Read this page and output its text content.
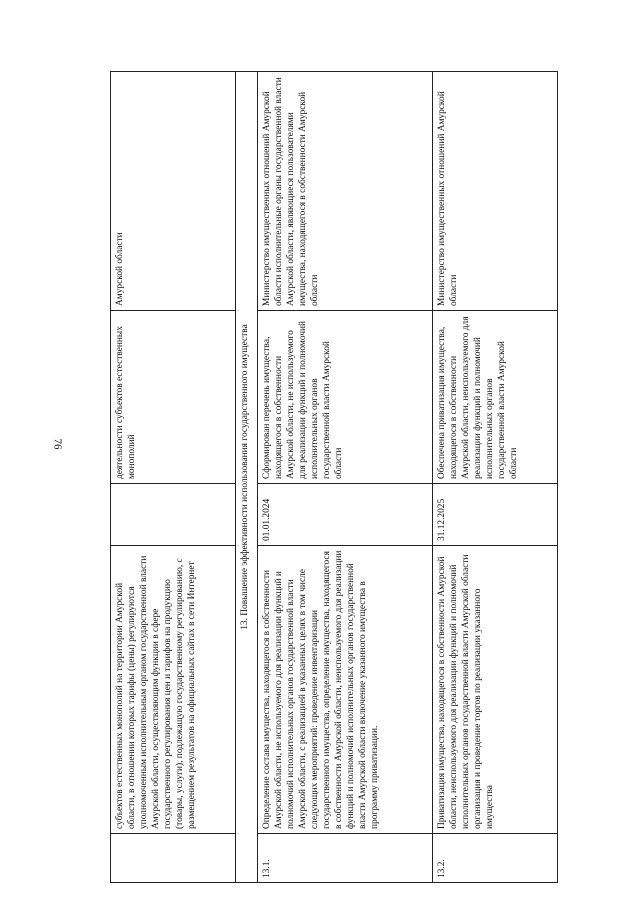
76
	субъектов естественных монополий на территории Амурской области, в отношении которых тарифы (цены) регулируются уполномоченным исполнительным органом государственной власти Амурской области, осуществляющим функции в сфере государственного регулирования цен и тарифов на продукцию (товары, услуги), подлежащую государственному регулированию, с размещением результатов на официальных сайтах в сети Интернет		деятельности субъектов естественных монополий	Амурской области
13. Повышение эффективности использования государственного имущества				
13.1.	Определение состава имущества, находящегося в собственности Амурской области, не используемого для реализации функций и полномочий исполнительных органов государственной власти Амурской области, с реализацией в указанных целях в том числе следующих мероприятий: проведение инвентаризации государственного имущества, определение имущества, находящегося в собственности Амурской области, неиспользуемого для реализации функций и полномочий исполнительных органов государственной власти Амурской области включение указанного имущества в программу приватизации.	01.01.2024	Сформирован перечень имущества, находящегося в собственности Амурской области, не используемого для реализации функций и полномочий исполнительных органов государственной власти Амурской области	Министерство имущественных отношений Амурской области исполнительные органы государственной власти Амурской области, являющиеся пользователями имущества, находящегося в собственности Амурской области
13.2.	Приватизация имущества, находящегося в собственности Амурской области, неиспользуемого для реализации функций и полномочий исполнительных органов государственной власти Амурской области организация и проведение торгов по реализации указанного имущества	31.12.2025	Обеспечена приватизация имущества, находящегося в собственности Амурской области, неиспользуемого для реализации функций и полномочий исполнительных органов государственной власти Амурской области	Министерство имущественных отношений Амурской области
